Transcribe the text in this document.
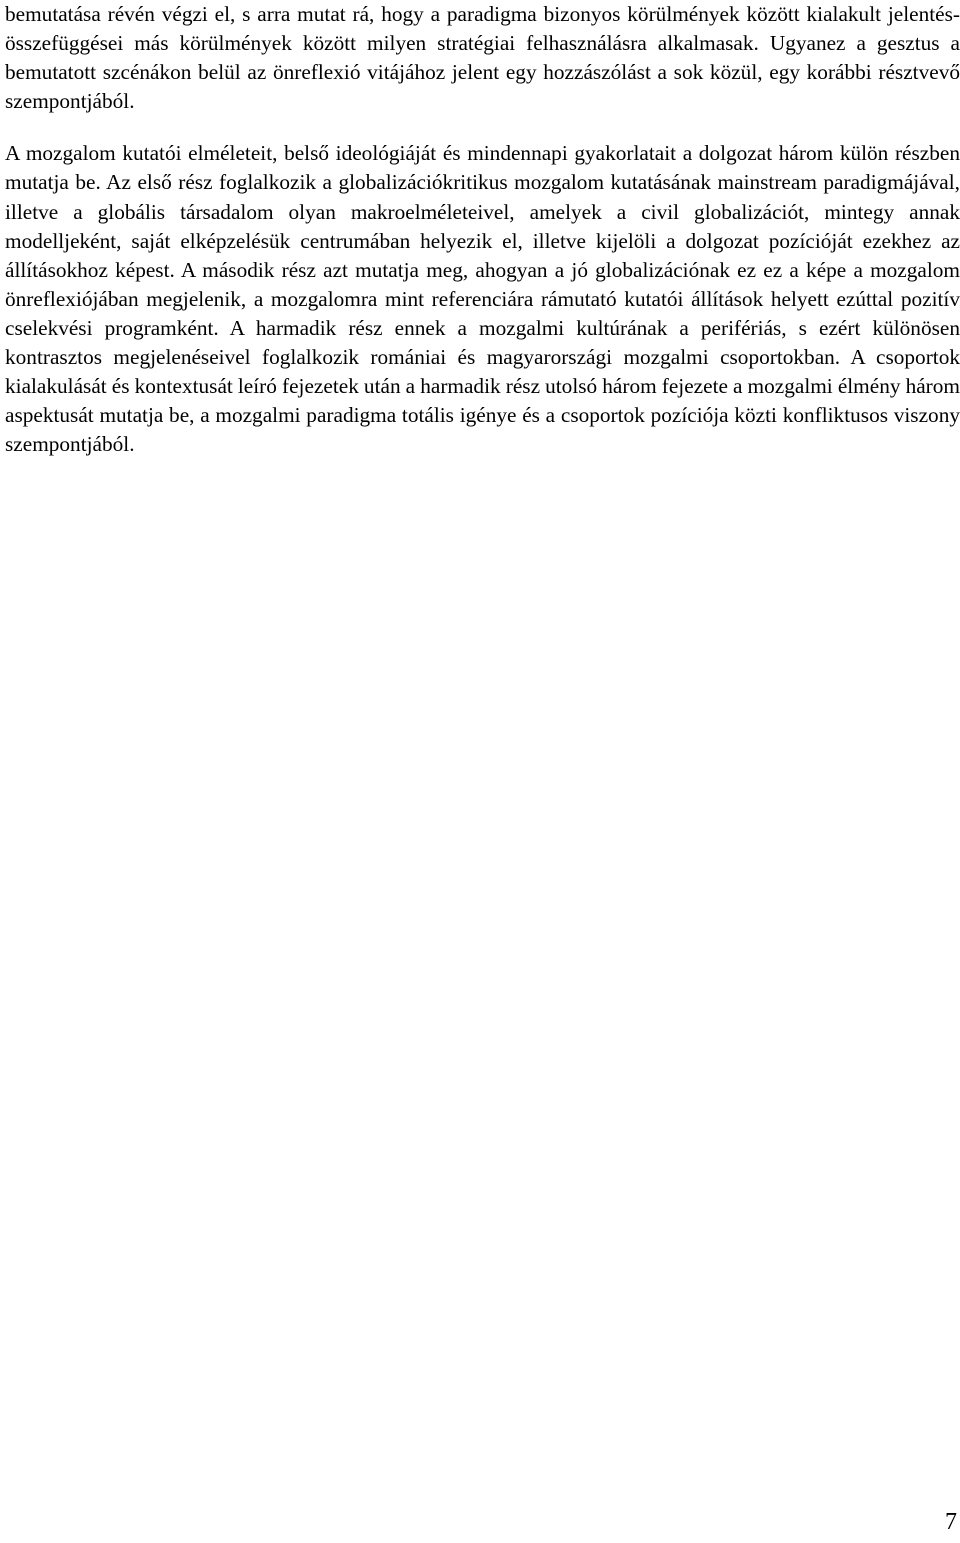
bemutatása révén végzi el, s arra mutat rá, hogy a paradigma bizonyos körülmények között kialakult jelentés-összefüggései más körülmények között milyen stratégiai felhasználásra alkalmasak. Ugyanez a gesztus a bemutatott szcénákon belül az önreflexió vitájához jelent egy hozzászólást a sok közül, egy korábbi résztvevő szempontjából.

A mozgalom kutatói elméleteit, belső ideológiáját és mindennapi gyakorlatait a dolgozat három külön részben mutatja be. Az első rész foglalkozik a globalizációkritikus mozgalom kutatásának mainstream paradigmájával, illetve a globális társadalom olyan makroelméleteivel, amelyek a civil globalizációt, mintegy annak modelljeként, saját elképzelésük centrumában helyezik el, illetve kijelöli a dolgozat pozícióját ezekhez az állításokhoz képest. A második rész azt mutatja meg, ahogyan a jó globalizációnak ez ez a képe a mozgalom önreflexiójában megjelenik, a mozgalomra mint referenciára rámutató kutatói állítások helyett ezúttal pozitív cselekvési programként. A harmadik rész ennek a mozgalmi kultúrának a perifériás, s ezért különösen kontrasztos megjelenéseivel foglalkozik romániai és magyarországi mozgalmi csoportokban. A csoportok kialakulását és kontextusát leíró fejezetek után a harmadik rész utolsó három fejezete a mozgalmi élmény három aspektusát mutatja be, a mozgalmi paradigma totális igénye és a csoportok pozíciója közti konfliktusos viszony szempontjából.

7
